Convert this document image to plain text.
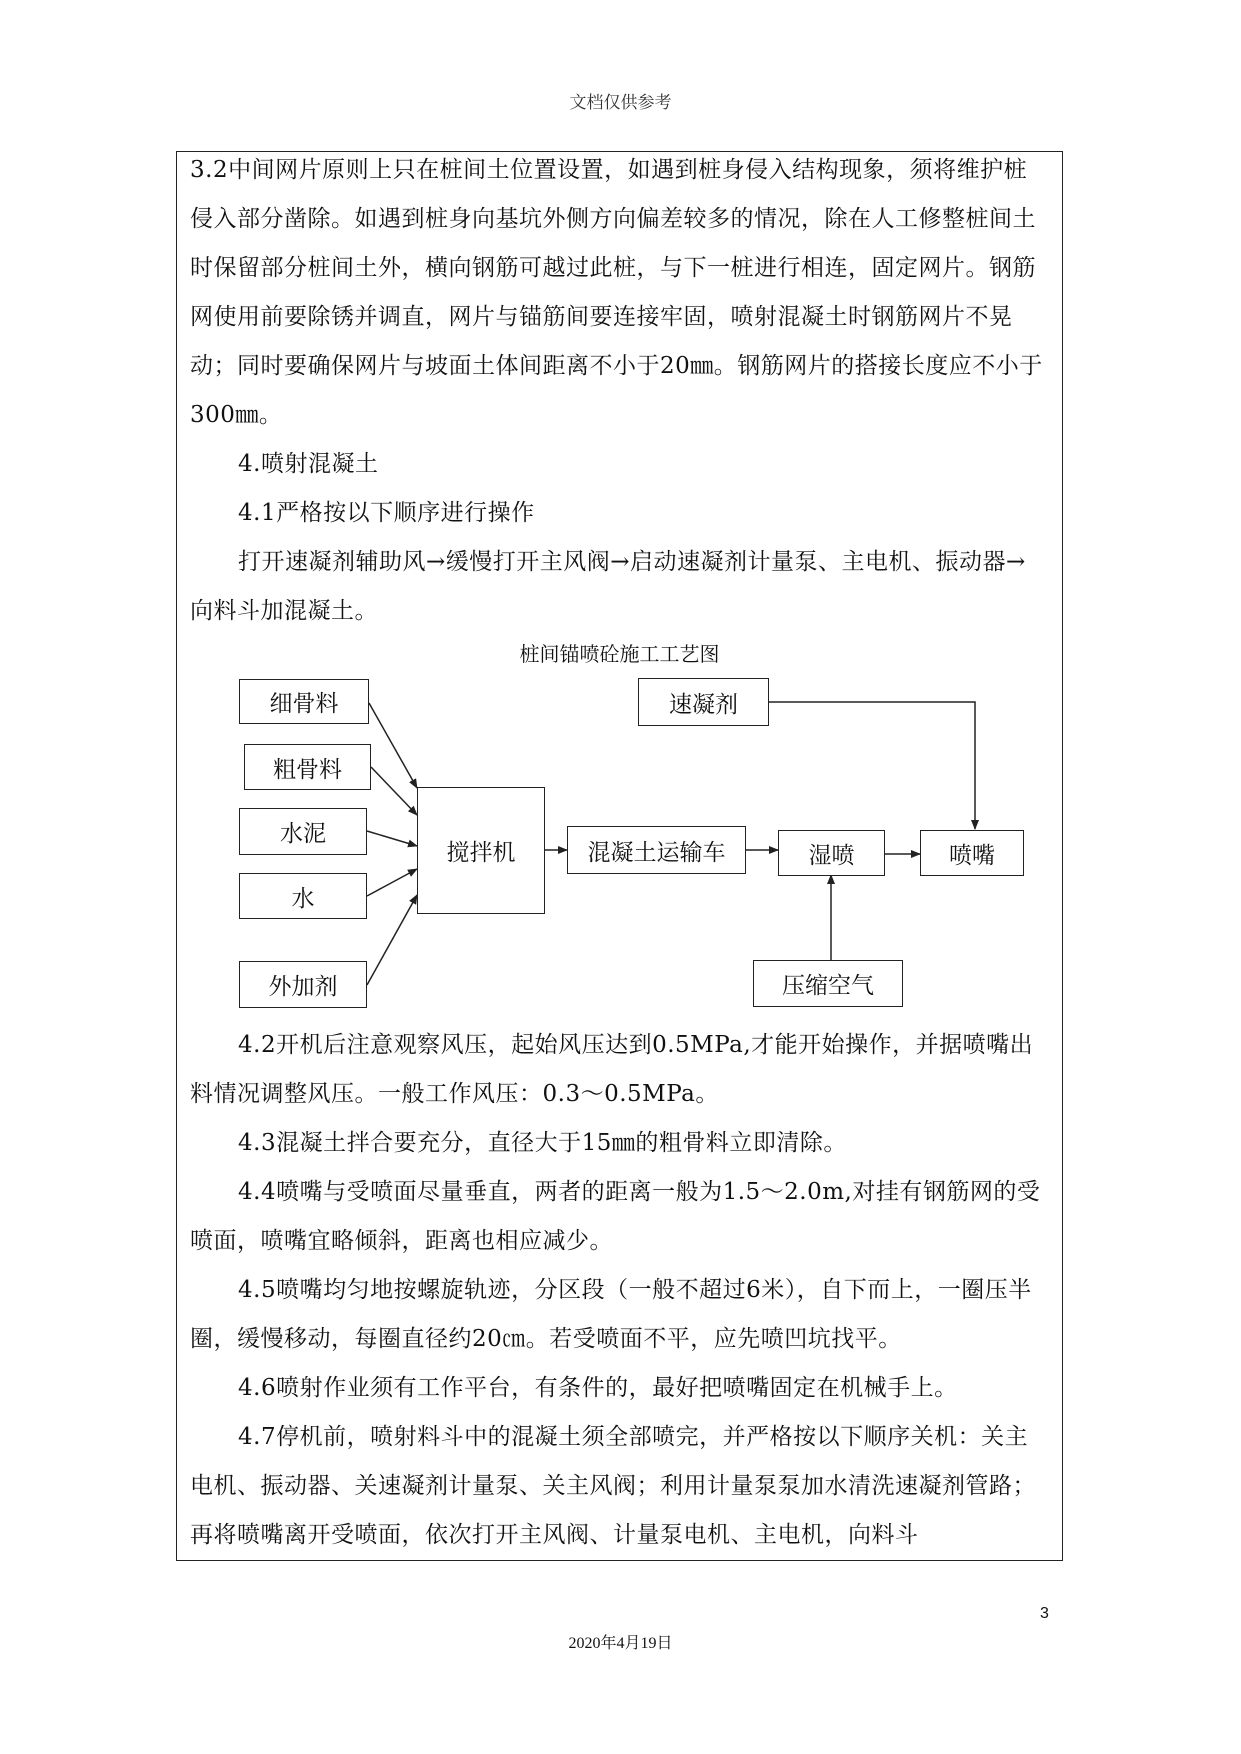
文档仅供参考

3.2中间网片原则上只在桩间土位置设置，如遇到桩身侵入结构现象，须将维护桩侵入部分凿除。如遇到桩身向基坑外侧方向偏差较多的情况，除在人工修整桩间土时保留部分桩间土外，横向钢筋可越过此桩，与下一桩进行相连，固定网片。钢筋网使用前要除锈并调直，网片与锚筋间要连接牢固，喷射混凝土时钢筋网片不晃动；同时要确保网片与坡面土体间距离不小于20㎜。钢筋网片的搭接长度应不小于300㎜。

4.喷射混凝土

4.1严格按以下顺序进行操作

打开速凝剂辅助风→缓慢打开主风阀→启动速凝剂计量泵、主电机、振动器→向料斗加混凝土。

桩间锚喷砼施工工艺图
细骨料
粗骨料
水泥
水
外加剂
搅拌机	混凝土运输车	湿喷	喷嘴
速凝剂
压缩空气

4.2开机后注意观察风压，起始风压达到0.5MPa,才能开始操作，并据喷嘴出料情况调整风压。一般工作风压：0.3～0.5MPa。

4.3混凝土拌合要充分，直径大于15㎜的粗骨料立即清除。

4.4喷嘴与受喷面尽量垂直，两者的距离一般为1.5～2.0m,对挂有钢筋网的受喷面，喷嘴宜略倾斜，距离也相应减少。

4.5喷嘴均匀地按螺旋轨迹，分区段（一般不超过6米），自下而上，一圈压半圈，缓慢移动，每圈直径约20㎝。若受喷面不平，应先喷凹坑找平。

4.6喷射作业须有工作平台，有条件的，最好把喷嘴固定在机械手上。

4.7停机前，喷射料斗中的混凝土须全部喷完，并严格按以下顺序关机：关主电机、振动器、关速凝剂计量泵、关主风阀；利用计量泵泵加水清洗速凝剂管路；再将喷嘴离开受喷面，依次打开主风阀、计量泵电机、主电机，向料斗

3
2020年4月19日
